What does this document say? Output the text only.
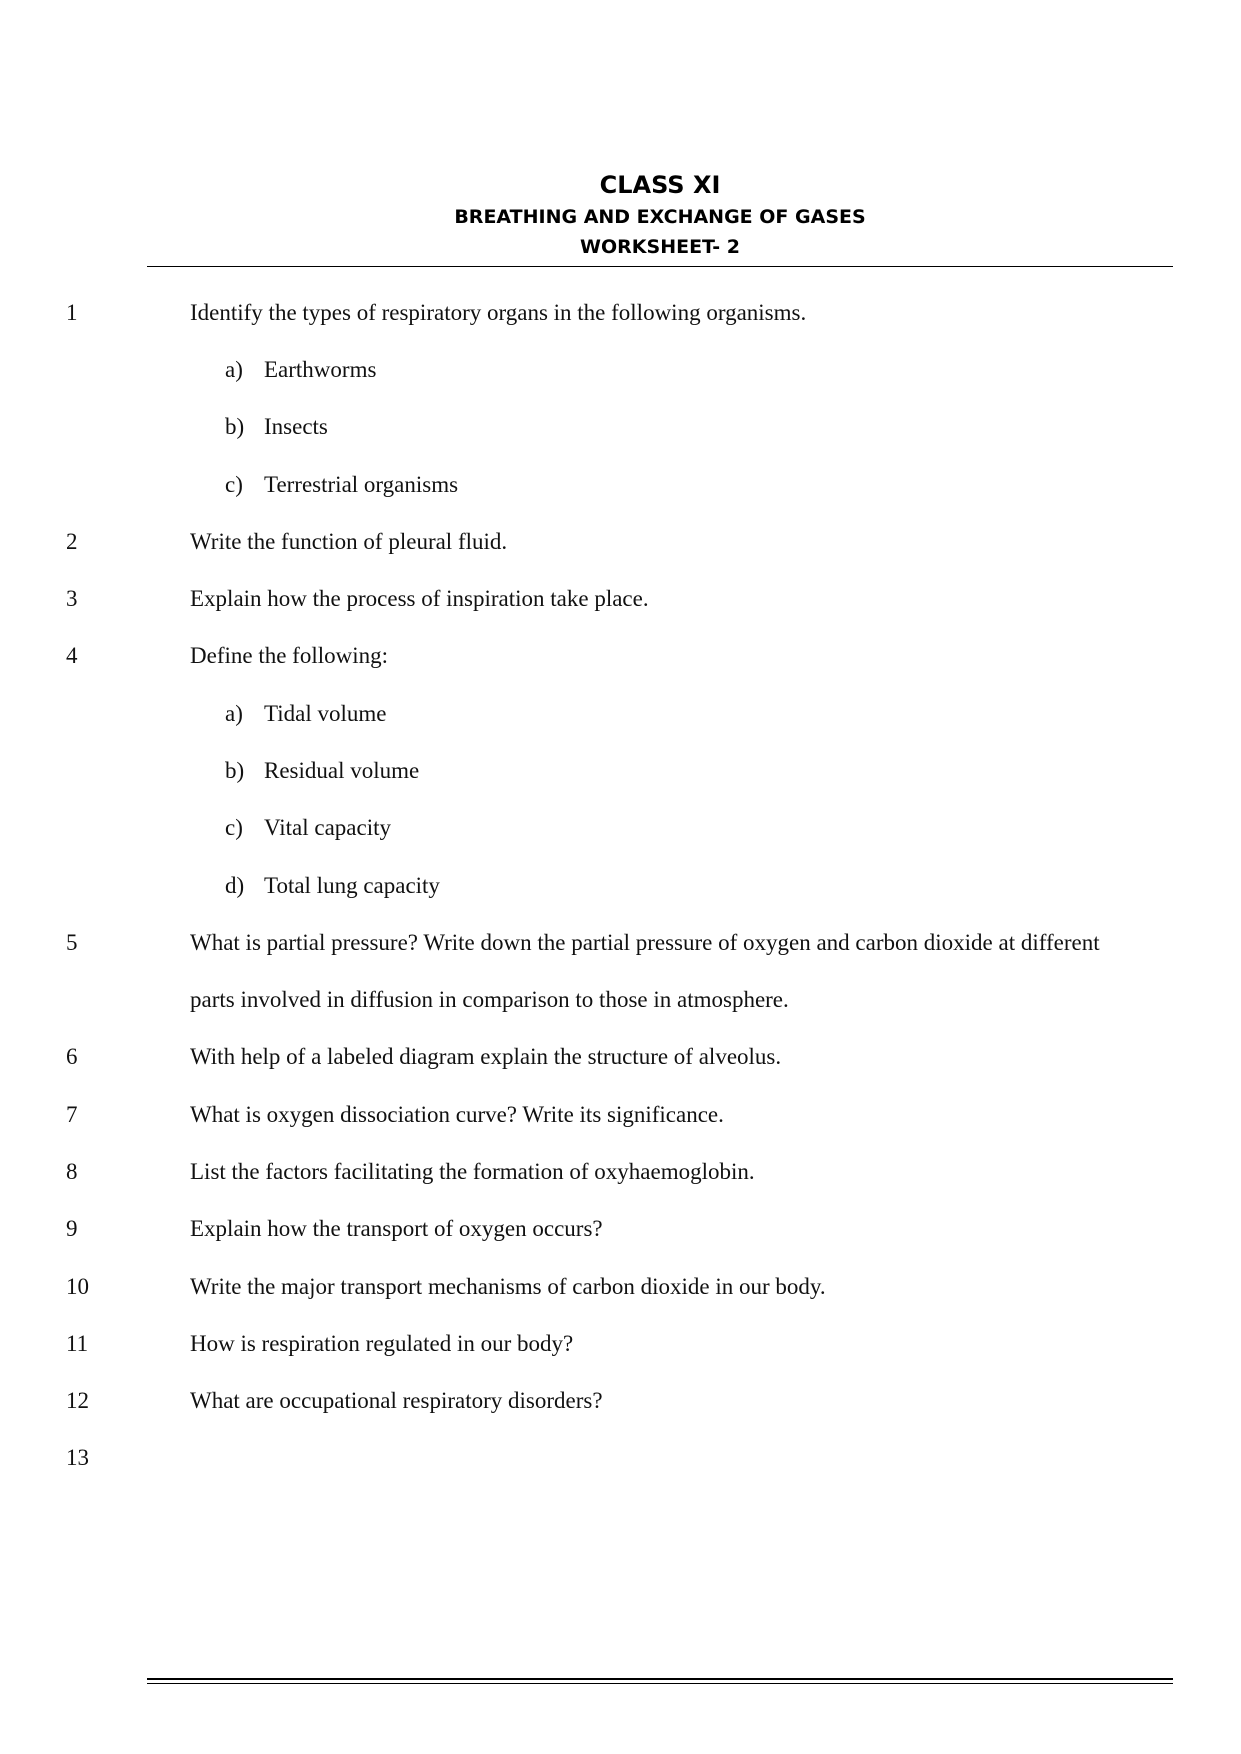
CLASS XI
BREATHING AND EXCHANGE OF GASES
WORKSHEET- 2
1	Identify the types of respiratory organs in the following organisms.
a) Earthworms
b) Insects
c) Terrestrial organisms
2	Write the function of pleural fluid.
3	Explain how the process of inspiration take place.
4	Define the following:
a) Tidal volume
b) Residual volume
c) Vital capacity
d) Total lung capacity
5	What is partial pressure? Write down the partial pressure of oxygen and carbon dioxide at different
parts involved in diffusion in comparison to those in atmosphere.
6	With help of a labeled diagram explain the structure of alveolus.
7	What is oxygen dissociation curve? Write its significance.
8	List the factors facilitating the formation of oxyhaemoglobin.
9	Explain how the transport of oxygen occurs?
10	Write the major transport mechanisms of carbon dioxide in our body.
11	How is respiration regulated in our body?
12	What are occupational respiratory disorders?
13
